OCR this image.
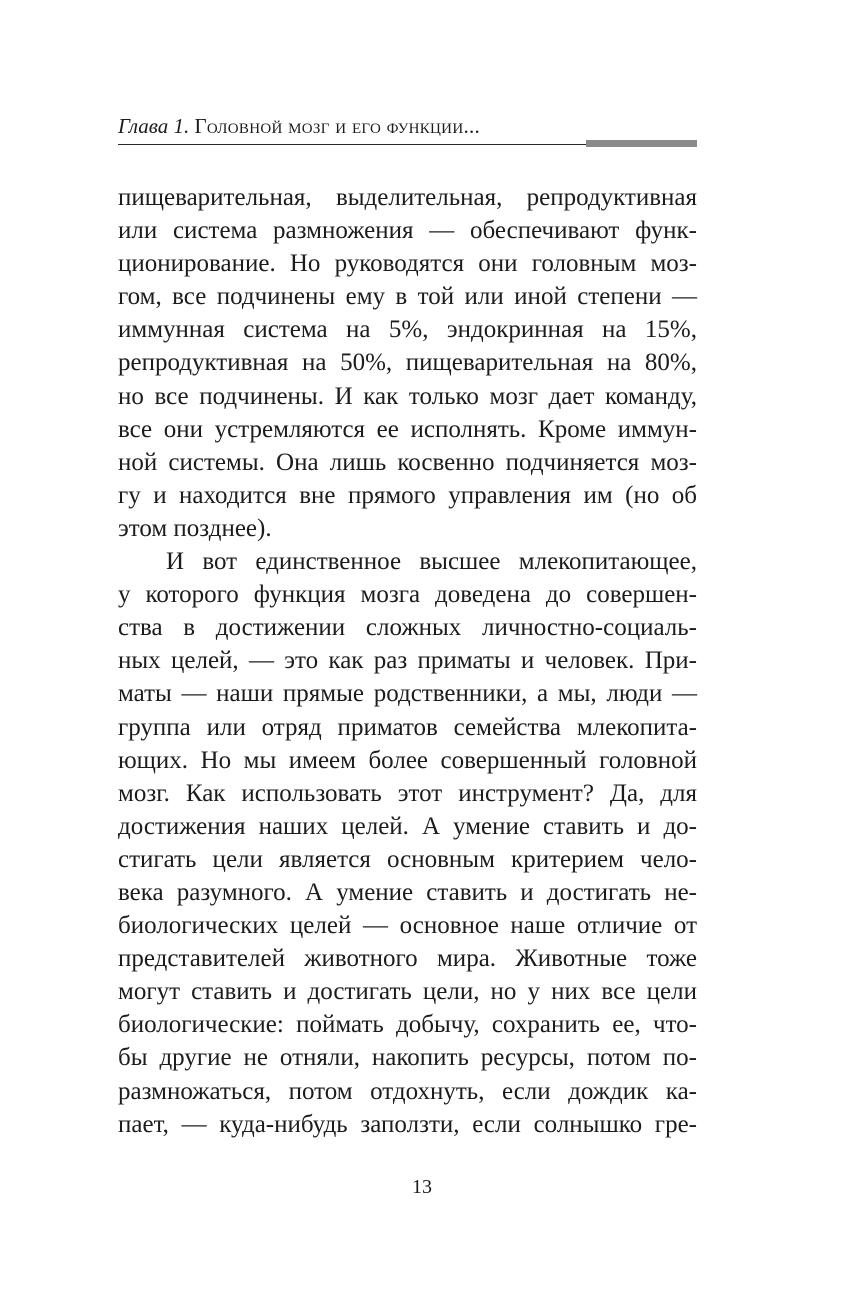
Глава 1. Головной мозг и его функции...
пищеварительная, выделительная, репродуктивная
или система размножения — обеспечивают функ-
ционирование. Но руководятся они головным моз-
гом, все подчинены ему в той или иной степени —
иммунная система на 5%, эндокринная на 15%,
репродуктивная на 50%, пищеварительная на 80%,
но все подчинены. И как только мозг дает команду,
все они устремляются ее исполнять. Кроме иммун-
ной системы. Она лишь косвенно подчиняется моз-
гу и находится вне прямого управления им (но об
этом позднее).
И вот единственное высшее млекопитающее,
у которого функция мозга доведена до совершен-
ства в достижении сложных личностно-социаль-
ных целей, — это как раз приматы и человек. При-
маты — наши прямые родственники, а мы, люди —
группа или отряд приматов семейства млекопита-
ющих. Но мы имеем более совершенный головной
мозг. Как использовать этот инструмент? Да, для
достижения наших целей. А умение ставить и до-
стигать цели является основным критерием чело-
века разумного. А умение ставить и достигать не-
биологических целей — основное наше отличие от
представителей животного мира. Животные тоже
могут ставить и достигать цели, но у них все цели
биологические: поймать добычу, сохранить ее, что-
бы другие не отняли, накопить ресурсы, потом по-
размножаться, потом отдохнуть, если дождик ка-
пает, — куда-нибудь заползти, если солнышко гре-
13
